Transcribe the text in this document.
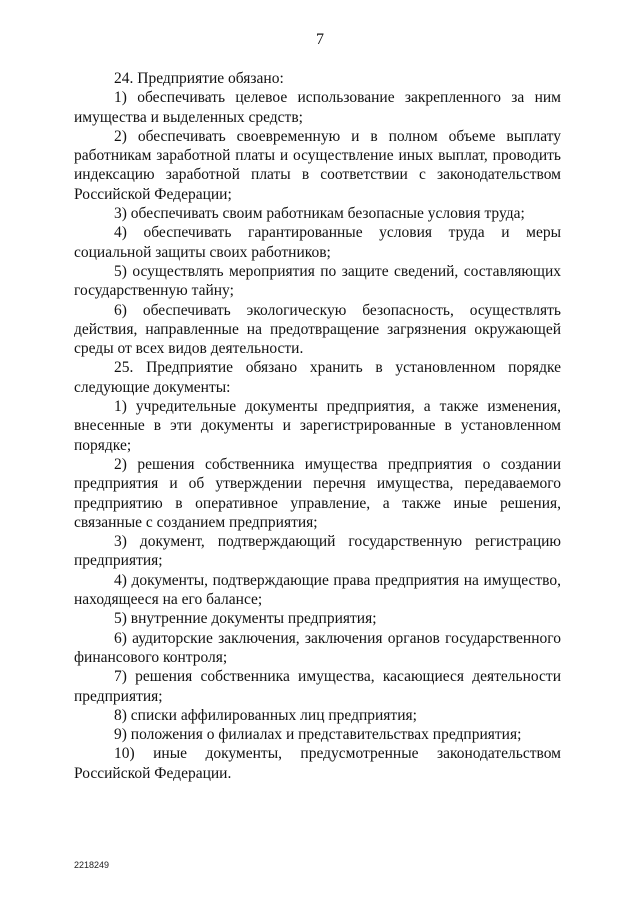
7

24. Предприятие обязано:

1) обеспечивать целевое использование закрепленного за ним имущества и выделенных средств;

2) обеспечивать своевременную и в полном объеме выплату работникам заработной платы и осуществление иных выплат, проводить индексацию заработной платы в соответствии с законодательством Российской Федерации;

3) обеспечивать своим работникам безопасные условия труда;

4) обеспечивать гарантированные условия труда и меры социальной защиты своих работников;

5) осуществлять мероприятия по защите сведений, составляющих государственную тайну;

6) обеспечивать экологическую безопасность, осуществлять действия, направленные на предотвращение загрязнения окружающей среды от всех видов деятельности.

25. Предприятие обязано хранить в установленном порядке следующие документы:

1) учредительные документы предприятия, а также изменения, внесенные в эти документы и зарегистрированные в установленном порядке;

2) решения собственника имущества предприятия о создании предприятия и об утверждении перечня имущества, передаваемого предприятию в оперативное управление, а также иные решения, связанные с созданием предприятия;

3) документ, подтверждающий государственную регистрацию предприятия;

4) документы, подтверждающие права предприятия на имущество, находящееся на его балансе;

5) внутренние документы предприятия;

6) аудиторские заключения, заключения органов государственного финансового контроля;

7) решения собственника имущества, касающиеся деятельности предприятия;

8) списки аффилированных лиц предприятия;

9) положения о филиалах и представительствах предприятия;

10) иные документы, предусмотренные законодательством Российской Федерации.

2218249
